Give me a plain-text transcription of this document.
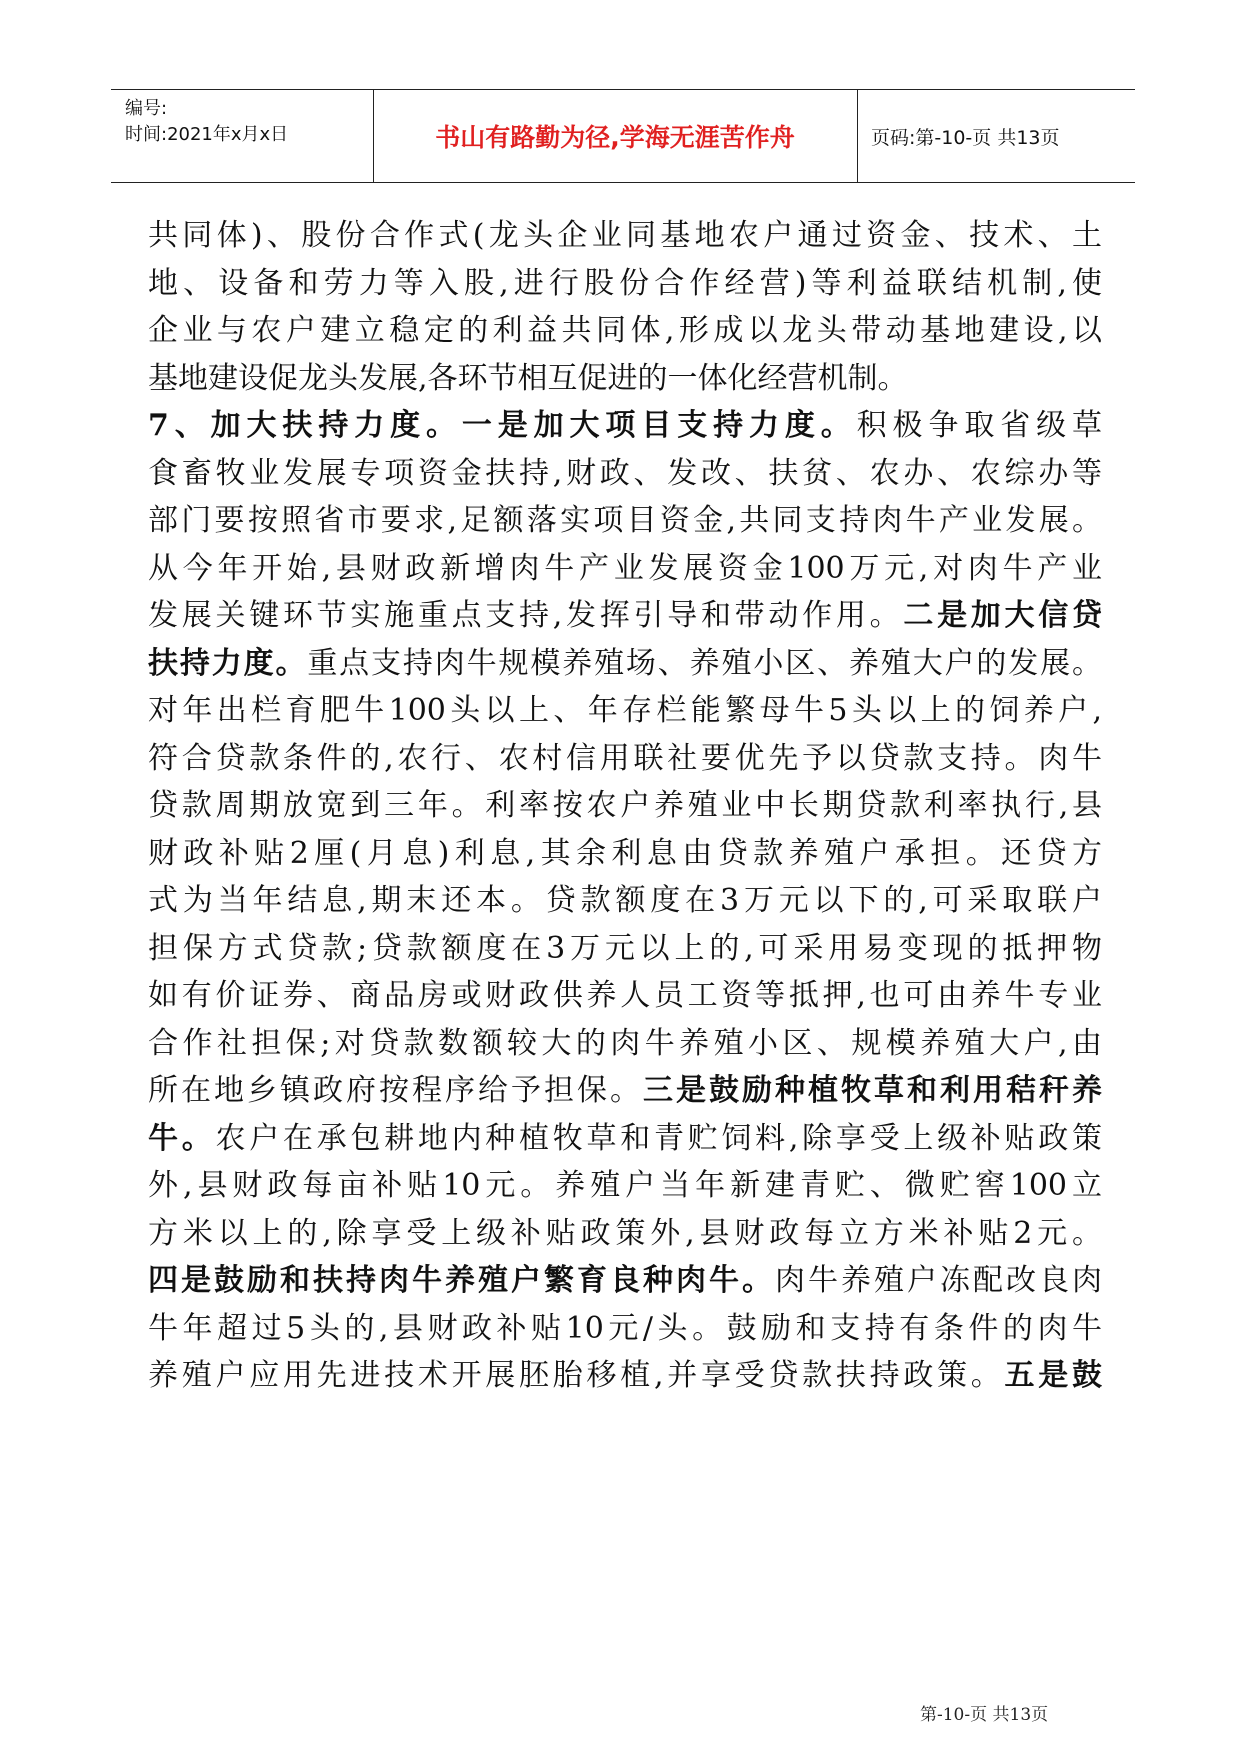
编号:
时间:2021年x月x日	书山有路勤为径,学海无涯苦作舟	页码:第-10-页 共13页
共同体)、股份合作式(龙头企业同基地农户通过资金、技术、土
地、设备和劳力等入股,进行股份合作经营)等利益联结机制,使
企业与农户建立稳定的利益共同体,形成以龙头带动基地建设,以
基地建设促龙头发展,各环节相互促进的一体化经营机制。
7、加大扶持力度。一是加大项目支持力度。积极争取省级草
食畜牧业发展专项资金扶持,财政、发改、扶贫、农办、农综办等
部门要按照省市要求,足额落实项目资金,共同支持肉牛产业发展。
从今年开始,县财政新增肉牛产业发展资金100万元,对肉牛产业
发展关键环节实施重点支持,发挥引导和带动作用。二是加大信贷
扶持力度。重点支持肉牛规模养殖场、养殖小区、养殖大户的发展。
对年出栏育肥牛100头以上、年存栏能繁母牛5头以上的饲养户,
符合贷款条件的,农行、农村信用联社要优先予以贷款支持。肉牛
贷款周期放宽到三年。利率按农户养殖业中长期贷款利率执行,县
财政补贴2厘(月息)利息,其余利息由贷款养殖户承担。还贷方
式为当年结息,期末还本。贷款额度在3万元以下的,可采取联户
担保方式贷款;贷款额度在3万元以上的,可采用易变现的抵押物
如有价证券、商品房或财政供养人员工资等抵押,也可由养牛专业
合作社担保;对贷款数额较大的肉牛养殖小区、规模养殖大户,由
所在地乡镇政府按程序给予担保。三是鼓励种植牧草和利用秸秆养
牛。农户在承包耕地内种植牧草和青贮饲料,除享受上级补贴政策
外,县财政每亩补贴10元。养殖户当年新建青贮、微贮窖100立
方米以上的,除享受上级补贴政策外,县财政每立方米补贴2元。
四是鼓励和扶持肉牛养殖户繁育良种肉牛。肉牛养殖户冻配改良肉
牛年超过5头的,县财政补贴10元/头。鼓励和支持有条件的肉牛
养殖户应用先进技术开展胚胎移植,并享受贷款扶持政策。五是鼓
第-10-页 共13页
